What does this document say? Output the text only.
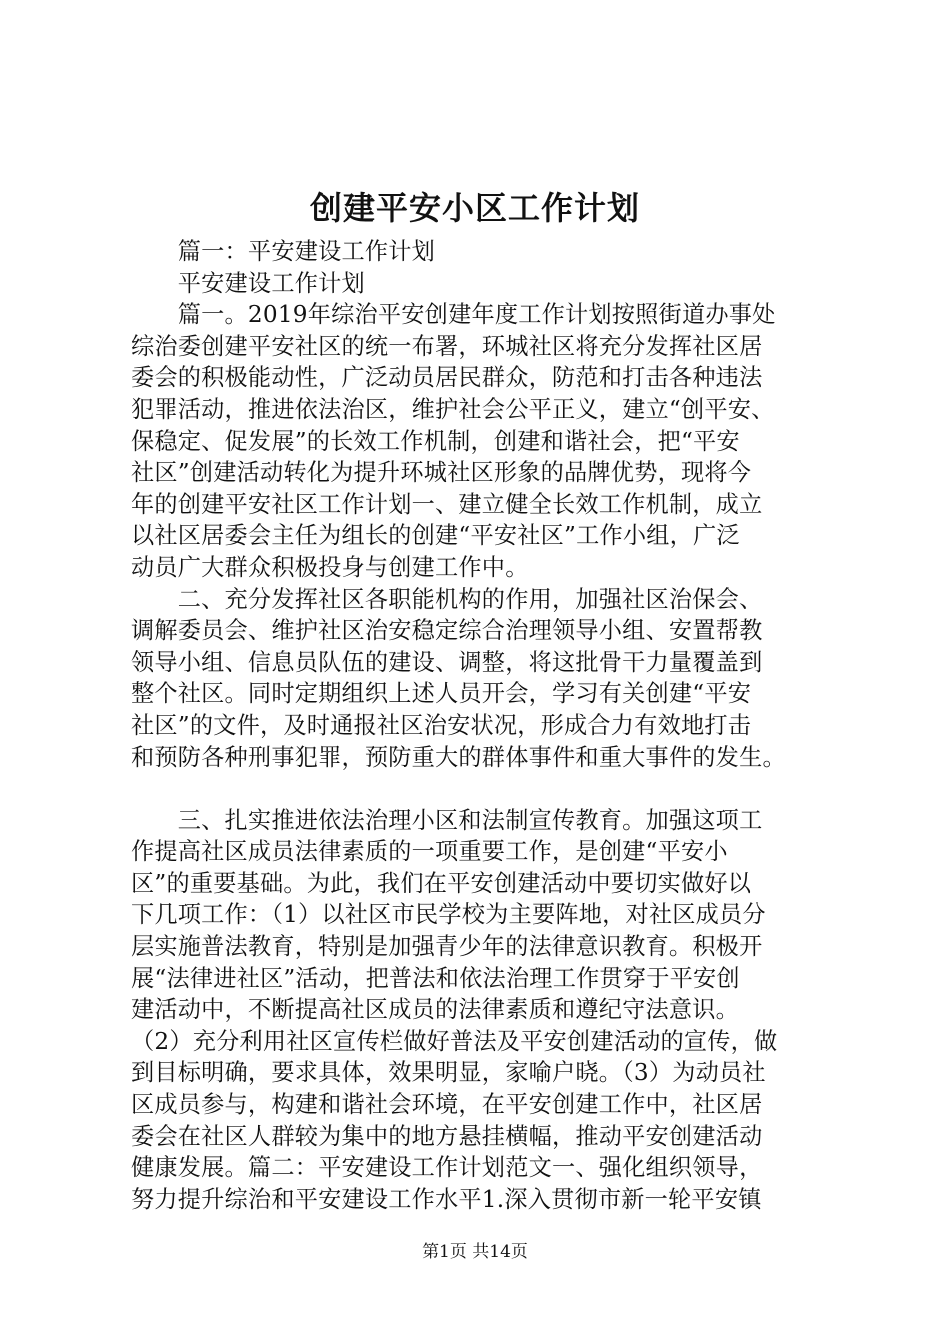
创建平安小区工作计划
　　篇一：平安建设工作计划
　　平安建设工作计划
　　篇一。2019年综治平安创建年度工作计划按照街道办事处
综治委创建平安社区的统一布署，环城社区将充分发挥社区居
委会的积极能动性，广泛动员居民群众，防范和打击各种违法
犯罪活动，推进依法治区，维护社会公平正义，建立“创平安、
保稳定、促发展”的长效工作机制，创建和谐社会，把“平安
社区”创建活动转化为提升环城社区形象的品牌优势，现将今
年的创建平安社区工作计划一、建立健全长效工作机制，成立
以社区居委会主任为组长的创建“平安社区”工作小组，广泛
动员广大群众积极投身与创建工作中。
　　二、充分发挥社区各职能机构的作用，加强社区治保会、
调解委员会、维护社区治安稳定综合治理领导小组、安置帮教
领导小组、信息员队伍的建设、调整，将这批骨干力量覆盖到
整个社区。同时定期组织上述人员开会，学习有关创建“平安
社区”的文件，及时通报社区治安状况，形成合力有效地打击
和预防各种刑事犯罪，预防重大的群体事件和重大事件的发生。
　　三、扎实推进依法治理小区和法制宣传教育。加强这项工
作提高社区成员法律素质的一项重要工作，是创建“平安小
区”的重要基础。为此，我们在平安创建活动中要切实做好以
下几项工作：（1）以社区市民学校为主要阵地，对社区成员分
层实施普法教育，特别是加强青少年的法律意识教育。积极开
展“法律进社区”活动，把普法和依法治理工作贯穿于平安创
建活动中，不断提高社区成员的法律素质和遵纪守法意识。
（2）充分利用社区宣传栏做好普法及平安创建活动的宣传，做
到目标明确，要求具体，效果明显，家喻户晓。（3）为动员社
区成员参与，构建和谐社会环境，在平安创建工作中，社区居
委会在社区人群较为集中的地方悬挂横幅，推动平安创建活动
健康发展。篇二：平安建设工作计划范文一、强化组织领导，
努力提升综治和平安建设工作水平1.深入贯彻市新一轮平安镇
第1页 共14页
